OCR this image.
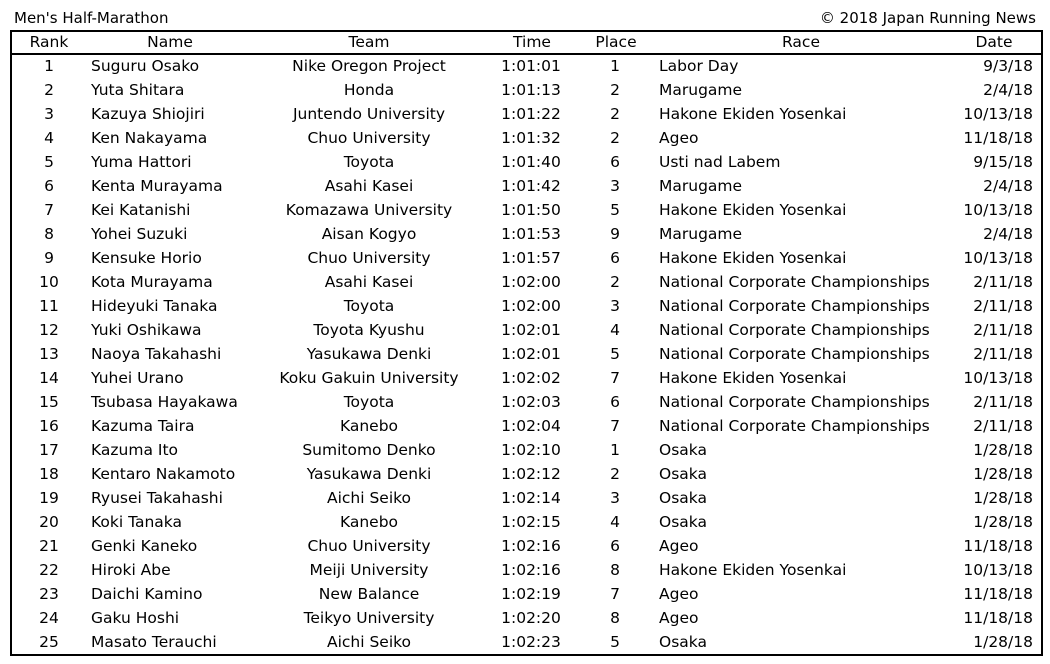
Men's Half-Marathon	© 2018 Japan Running News
Rank	Name	Team	Time	Place	Race	Date
1 Suguru Osako	Nike Oregon Project	1:01:01	1	Labor Day	9/3/18
2 Yuta Shitara	Honda	1:01:13	2	Marugame	2/4/18
3 Kazuya Shiojiri	Juntendo University	1:01:22	2	Hakone Ekiden Yosenkai	10/13/18
4 Ken Nakayama	Chuo University	1:01:32	2	Ageo	11/18/18
5 Yuma Hattori	Toyota	1:01:40	6	Usti nad Labem	9/15/18
6 Kenta Murayama	Asahi Kasei	1:01:42	3	Marugame	2/4/18
7 Kei Katanishi	Komazawa University	1:01:50	5	Hakone Ekiden Yosenkai	10/13/18
8 Yohei Suzuki	Aisan Kogyo	1:01:53	9	Marugame	2/4/18
9 Kensuke Horio	Chuo University	1:01:57	6	Hakone Ekiden Yosenkai	10/13/18
10 Kota Murayama	Asahi Kasei	1:02:00	2	National Corporate Championships	2/11/18
11 Hideyuki Tanaka	Toyota	1:02:00	3	National Corporate Championships	2/11/18
12 Yuki Oshikawa	Toyota Kyushu	1:02:01	4	National Corporate Championships	2/11/18
13 Naoya Takahashi	Yasukawa Denki	1:02:01	5	National Corporate Championships	2/11/18
14 Yuhei Urano	Koku Gakuin University	1:02:02	7	Hakone Ekiden Yosenkai	10/13/18
15 Tsubasa Hayakawa	Toyota	1:02:03	6	National Corporate Championships	2/11/18
16 Kazuma Taira	Kanebo	1:02:04	7	National Corporate Championships	2/11/18
17 Kazuma Ito	Sumitomo Denko	1:02:10	1	Osaka	1/28/18
18 Kentaro Nakamoto	Yasukawa Denki	1:02:12	2	Osaka	1/28/18
19 Ryusei Takahashi	Aichi Seiko	1:02:14	3	Osaka	1/28/18
20 Koki Tanaka	Kanebo	1:02:15	4	Osaka	1/28/18
21 Genki Kaneko	Chuo University	1:02:16	6	Ageo	11/18/18
22 Hiroki Abe	Meiji University	1:02:16	8	Hakone Ekiden Yosenkai	10/13/18
23 Daichi Kamino	New Balance	1:02:19	7	Ageo	11/18/18
24 Gaku Hoshi	Teikyo University	1:02:20	8	Ageo	11/18/18
25 Masato Terauchi	Aichi Seiko	1:02:23	5	Osaka	1/28/18
